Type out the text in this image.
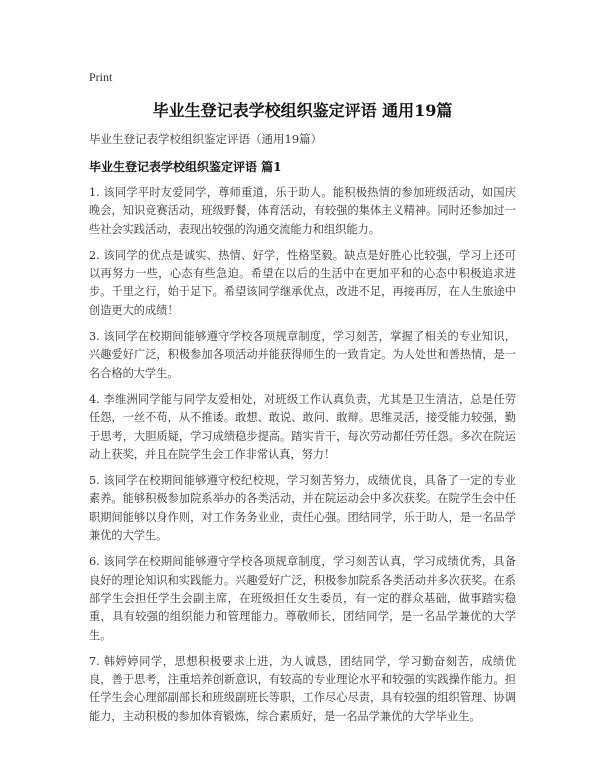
Print
毕业生登记表学校组织鉴定评语 通用19篇
毕业生登记表学校组织鉴定评语（通用19篇）
毕业生登记表学校组织鉴定评语 篇1

1. 该同学平时友爱同学，尊师重道，乐于助人。能积极热情的参加班级活动，如国庆晚会，知识竞赛活动，班级野餐，体育活动，有较强的集体主义精神。同时还参加过一些社会实践活动，表现出较强的沟通交流能力和组织能力。

2. 该同学的优点是诚实、热情、好学，性格坚毅。缺点是好胜心比较强，学习上还可以再努力一些，心态有些急迫。希望在以后的生活中在更加平和的心态中积极追求进步。千里之行，始于足下。希望该同学继承优点，改进不足，再接再厉，在人生旅途中创造更大的成绩！

3. 该同学在校期间能够遵守学校各项规章制度，学习刻苦，掌握了相关的专业知识，兴趣爱好广泛，积极参加各项活动并能获得师生的一致肯定。为人处世和善热情，是一名合格的大学生。

4. 李维洲同学能与同学友爱相处，对班级工作认真负责，尤其是卫生清洁，总是任劳任怨，一丝不苟，从不推诿。敢想、敢说、敢问、敢辩。思维灵活，接受能力较强，勤于思考，大胆质疑，学习成绩稳步提高。踏实肯干，每次劳动都任劳任怨。多次在院运动上获奖，并且在院学生会工作非常认真，努力！

5. 该同学在校期间能够遵守校纪校规，学习刻苦努力，成绩优良，具备了一定的专业素养。能够积极参加院系举办的各类活动，并在院运动会中多次获奖。在院学生会中任职期间能够以身作则，对工作务务业业，责任心强。团结同学，乐于助人，是一名品学兼优的大学生。

6. 该同学在校期间能够遵守学校各项规章制度，学习刻苦认真，学习成绩优秀，具备良好的理论知识和实践能力。兴趣爱好广泛，积极参加院系各类活动并多次获奖。在系部学生会担任学生会副主席，在班级担任女生委员，有一定的群众基础，做事踏实稳重，具有较强的组织能力和管理能力。尊敬师长，团结同学，是一名品学兼优的大学生。

7. 韩婷婷同学，思想积极要求上进，为人诚恳，团结同学，学习勤奋刻苦，成绩优良，善于思考，注重培养创新意识，有较高的专业理论水平和较强的实践操作能力。担任学生会心理部副部长和班级副班长等职，工作尽心尽责，具有较强的组织管理、协调能力，主动积极的参加体育锻炼，综合素质好，是一名品学兼优的大学毕业生。
